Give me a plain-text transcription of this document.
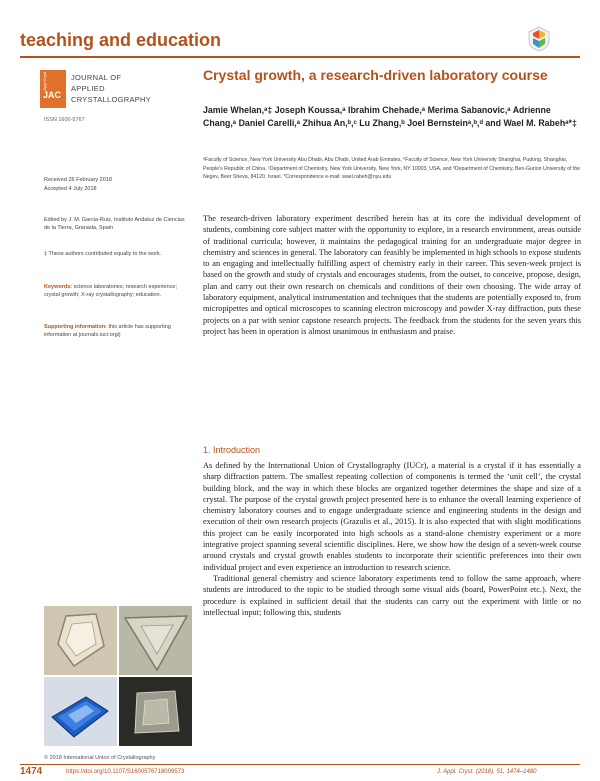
teaching and education
Appl Cryst
JAC
JOURNAL OF
APPLIED
CRYSTALLOGRAPHY
ISSN 1600-5767
Received 26 February 2018
Accepted 4 July 2018
Edited by J. M. Garcia-Ruiz, Instituto Andaluz de Ciencias de la Tierra, Granada, Spain
‡ These authors contributed equally to the work.
Keywords: science laboratories; research experience; crystal growth; X-ray crystallography; education.
Supporting information: this article has supporting information at journals.iucr.org/j
Crystal growth, a research-driven laboratory course
Jamie Whelan,ᵃ‡ Joseph Koussa,ᵃ Ibrahim Chehade,ᵃ Merima Sabanovic,ᵃ Adrienne Chang,ᵃ Daniel Carelli,ᵃ Zhihua An,ᵇ,ᶜ Lu Zhang,ᵇ Joel Bernsteinᵃ,ᵇ,ᵈ and Wael M. Rabehᵃ*‡
ᵃFaculty of Science, New York University Abu Dhabi, Abu Dhabi, United Arab Emirates, ᵇFaculty of Science, New York University Shanghai, Pudong, Shanghai, People's Republic of China, ᶜDepartment of Chemistry, New York University, New York, NY 10003, USA, and ᵈDepartment of Chemistry, Ben-Gurion University of the Negev, Beer Sheva, 84120, Israel. *Correspondence e-mail: wael.rabeh@nyu.edu
The research-driven laboratory experiment described herein has at its core the individual development of students, combining core subject matter with the opportunity to explore, in a research environment, areas outside of traditional curricula; however, it maintains the pedagogical training for an undergraduate major degree in chemistry and sciences in general. The laboratory can feasibly be implemented in high schools to expose students to an engaging and intellectually fulfilling aspect of chemistry early in their career. This seven-week project is based on the growth and study of crystals and encourages students, from the outset, to conceive, propose, design, plan and carry out their own research on chemicals and conditions of their own choosing. The wide array of laboratory equipment, analytical instrumentation and techniques that the students are potentially exposed to, from micropipettes and optical microscopes to scanning electron microscopy and powder X-ray diffraction, puts these projects on a par with senior capstone research projects. The feedback from the students for the seven years this project has been in operation is almost unanimous in enthusiasm and praise.
1. Introduction

As defined by the International Union of Crystallography (IUCr), a material is a crystal if it has essentially a sharp diffraction pattern. The smallest repeating collection of components is termed the ‘unit cell’, the crystal building block, and the way in which these blocks are organized together determines the shape and size of a crystal. The purpose of the crystal growth project presented here is to enhance the overall learning experience of chemistry laboratory courses and to engage undergraduate science and engineering students in the design and execution of their own research projects (Grazulis et al., 2015). It is also expected that with slight modifications this project can be easily incorporated into high schools as a stand-alone chemistry experiment or a more integrative project spanning several scientific disciplines. Here, we show how the design of a seven-week course around crystals and crystal growth enables students to incorporate their scientific preferences into their own individual project and even experience an introduction to research science.

Traditional general chemistry and science laboratory experiments tend to follow the same approach, where students are introduced to the topic to be studied through some visual aids (board, PowerPoint etc.). Next, the procedure is explained in sufficient detail that the students can carry out the experiment with little or no intellectual input; following this, students

© 2018 International Union of Crystallography
1474	https://doi.org/10.1107/S1600576718009573	J. Appl. Cryst. (2018). 51, 1474–1480
